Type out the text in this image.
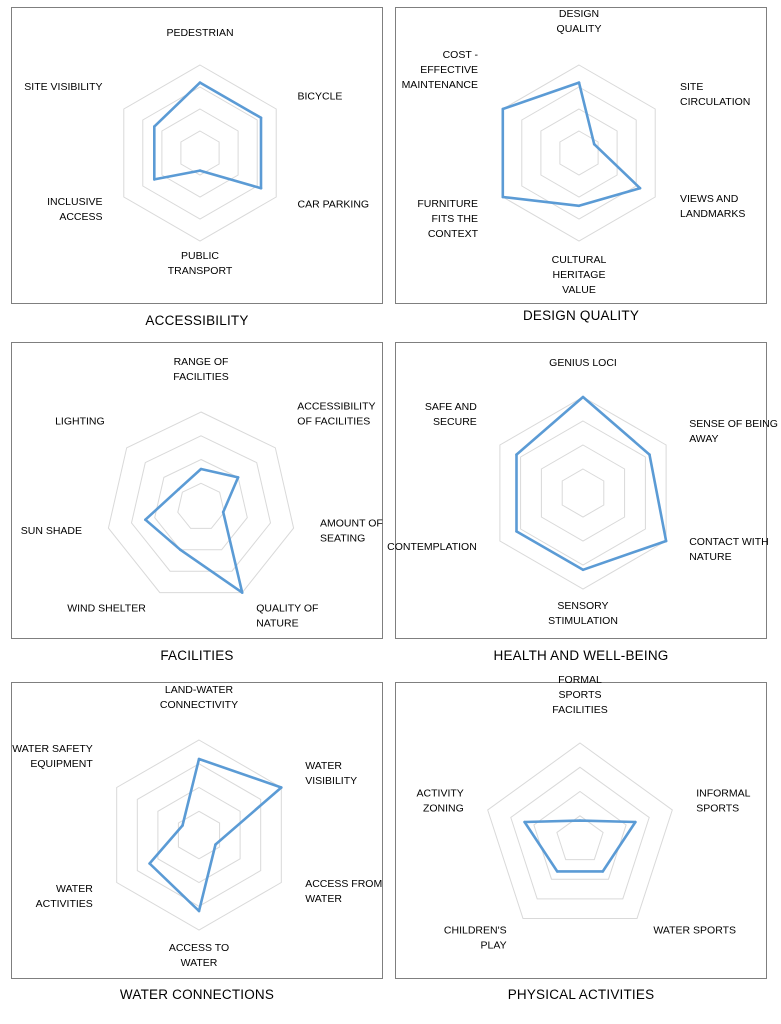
PEDESTRIAN
BICYCLE
CAR PARKING
PUBLIC TRANSPORT
INCLUSIVE ACCESS
SITE VISIBILITY
ACCESSIBILITY
DESIGN QUALITY
SITE CIRCULATION
VIEWS AND LANDMARKS
CULTURAL HERITAGE VALUE
FURNITURE FITS THE CONTEXT
COST -EFFECTIVE MAINTENANCE
DESIGN QUALITY
RANGE OF FACILITIES
ACCESSIBILITY OF FACILITIES
AMOUNT OF SEATING
QUALITY OF NATURE
WIND SHELTER
SUN SHADE
LIGHTING
FACILITIES
GENIUS LOCI
SENSE OF BEING AWAY
CONTACT WITH NATURE
SENSORY STIMULATION
CONTEMPLATION
SAFE AND SECURE
HEALTH AND WELL-BEING
LAND-WATER CONNECTIVITY
WATER VISIBILITY
ACCESS FROM WATER
ACCESS TO WATER
WATER ACTIVITIES
WATER SAFETY EQUIPMENT
WATER CONNECTIONS
FORMAL SPORTS FACILITIES
INFORMAL SPORTS
WATER SPORTS
CHILDREN'S PLAY
ACTIVITY ZONING
PHYSICAL ACTIVITIES
